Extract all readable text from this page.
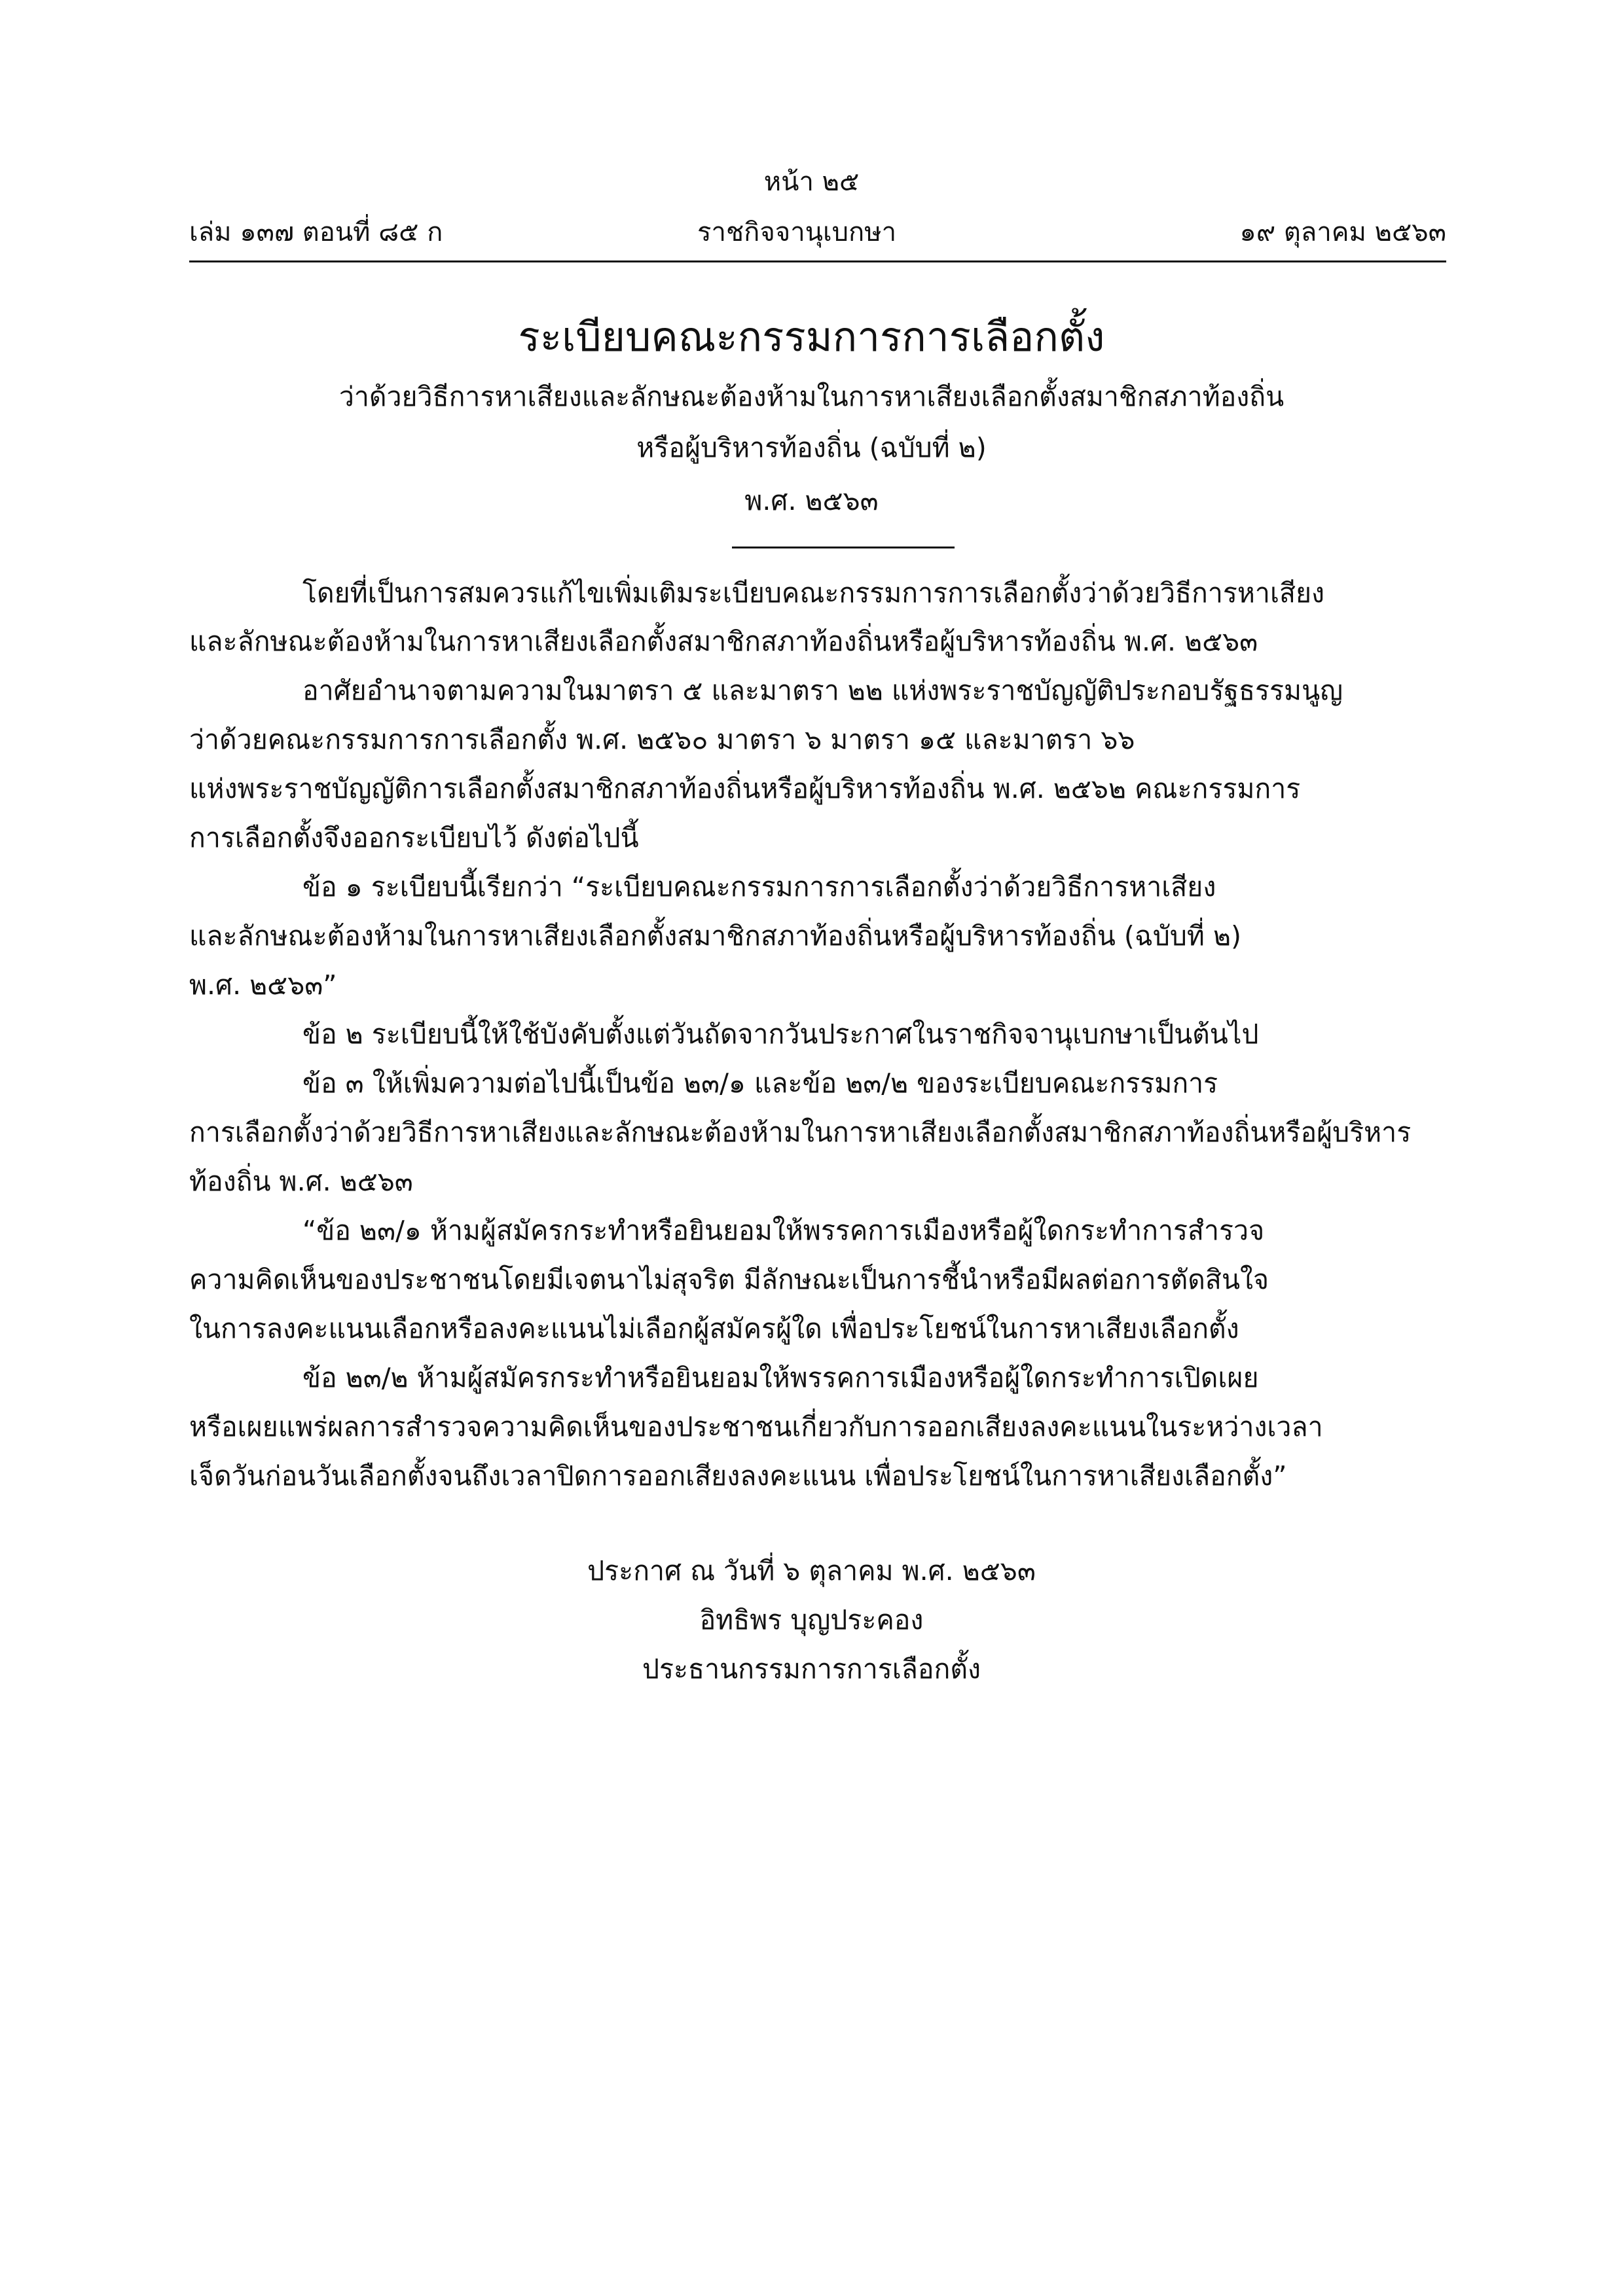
หน้า ๒๕
เล่ม ๑๓๗ ตอนที่ ๘๕ ก	ราชกิจจานุเบกษา	๑๙ ตุลาคม ๒๕๖๓
ระเบียบคณะกรรมการการเลือกตั้ง
ว่าด้วยวิธีการหาเสียงและลักษณะต้องห้ามในการหาเสียงเลือกตั้งสมาชิกสภาท้องถิ่น
หรือผู้บริหารท้องถิ่น (ฉบับที่ ๒)
พ.ศ. ๒๕๖๓
โดยที่เป็นการสมควรแก้ไขเพิ่มเติมระเบียบคณะกรรมการการเลือกตั้งว่าด้วยวิธีการหาเสียง
และลักษณะต้องห้ามในการหาเสียงเลือกตั้งสมาชิกสภาท้องถิ่นหรือผู้บริหารท้องถิ่น พ.ศ. ๒๕๖๓
อาศัยอำนาจตามความในมาตรา ๕ และมาตรา ๒๒ แห่งพระราชบัญญัติประกอบรัฐธรรมนูญ
ว่าด้วยคณะกรรมการการเลือกตั้ง พ.ศ. ๒๕๖๐ มาตรา ๖ มาตรา ๑๕ และมาตรา ๖๖
แห่งพระราชบัญญัติการเลือกตั้งสมาชิกสภาท้องถิ่นหรือผู้บริหารท้องถิ่น พ.ศ. ๒๕๖๒ คณะกรรมการ
การเลือกตั้งจึงออกระเบียบไว้ ดังต่อไปนี้
ข้อ ๑ ระเบียบนี้เรียกว่า “ระเบียบคณะกรรมการการเลือกตั้งว่าด้วยวิธีการหาเสียง
และลักษณะต้องห้ามในการหาเสียงเลือกตั้งสมาชิกสภาท้องถิ่นหรือผู้บริหารท้องถิ่น (ฉบับที่ ๒)
พ.ศ. ๒๕๖๓”
ข้อ ๒ ระเบียบนี้ให้ใช้บังคับตั้งแต่วันถัดจากวันประกาศในราชกิจจานุเบกษาเป็นต้นไป
ข้อ ๓ ให้เพิ่มความต่อไปนี้เป็นข้อ ๒๓/๑ และข้อ ๒๓/๒ ของระเบียบคณะกรรมการ
การเลือกตั้งว่าด้วยวิธีการหาเสียงและลักษณะต้องห้ามในการหาเสียงเลือกตั้งสมาชิกสภาท้องถิ่นหรือผู้บริหาร
ท้องถิ่น พ.ศ. ๒๕๖๓
“ข้อ ๒๓/๑ ห้ามผู้สมัครกระทำหรือยินยอมให้พรรคการเมืองหรือผู้ใดกระทำการสำรวจ
ความคิดเห็นของประชาชนโดยมีเจตนาไม่สุจริต มีลักษณะเป็นการชี้นำหรือมีผลต่อการตัดสินใจ
ในการลงคะแนนเลือกหรือลงคะแนนไม่เลือกผู้สมัครผู้ใด เพื่อประโยชน์ในการหาเสียงเลือกตั้ง
ข้อ ๒๓/๒ ห้ามผู้สมัครกระทำหรือยินยอมให้พรรคการเมืองหรือผู้ใดกระทำการเปิดเผย
หรือเผยแพร่ผลการสำรวจความคิดเห็นของประชาชนเกี่ยวกับการออกเสียงลงคะแนนในระหว่างเวลา
เจ็ดวันก่อนวันเลือกตั้งจนถึงเวลาปิดการออกเสียงลงคะแนน เพื่อประโยชน์ในการหาเสียงเลือกตั้ง”
ประกาศ ณ วันที่ ๖ ตุลาคม พ.ศ. ๒๕๖๓
อิทธิพร บุญประคอง
ประธานกรรมการการเลือกตั้ง
